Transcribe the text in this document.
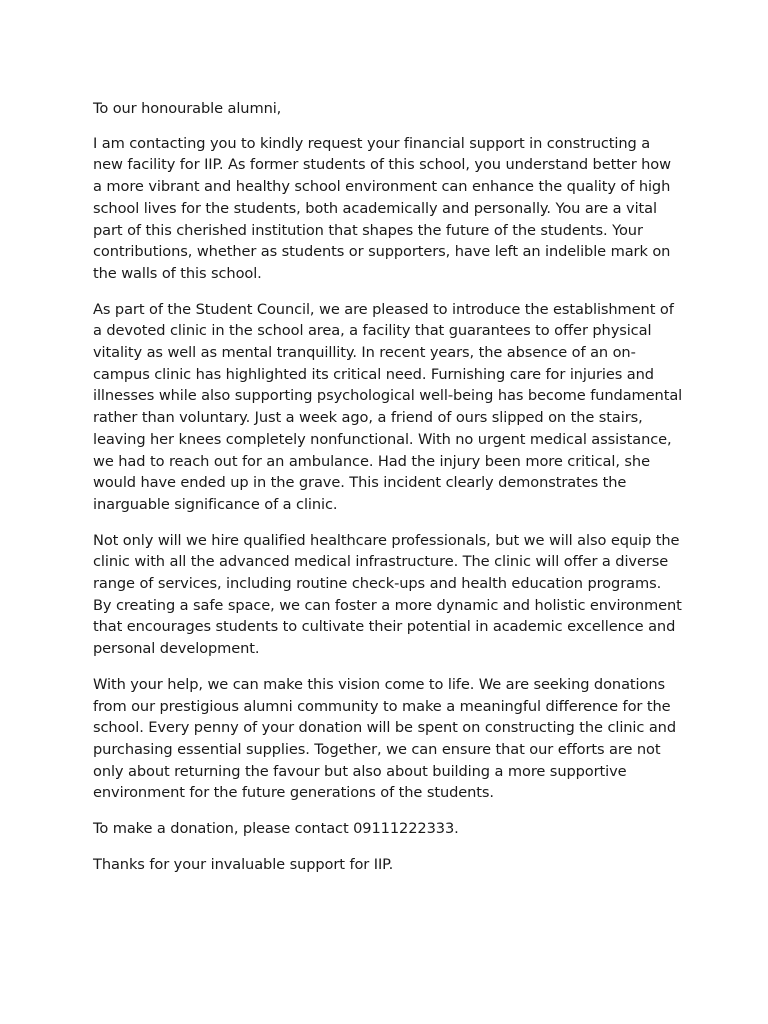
To our honourable alumni,

I am contacting you to kindly request your financial support in constructing a new facility for IIP. As former students of this school, you understand better how a more vibrant and healthy school environment can enhance the quality of high school lives for the students, both academically and personally. You are a vital part of this cherished institution that shapes the future of the students. Your contributions, whether as students or supporters, have left an indelible mark on the walls of this school.

As part of the Student Council, we are pleased to introduce the establishment of a devoted clinic in the school area, a facility that guarantees to offer physical vitality as well as mental tranquillity. In recent years, the absence of an on-campus clinic has highlighted its critical need. Furnishing care for injuries and illnesses while also supporting psychological well-being has become fundamental rather than voluntary. Just a week ago, a friend of ours slipped on the stairs, leaving her knees completely nonfunctional. With no urgent medical assistance, we had to reach out for an ambulance. Had the injury been more critical, she would have ended up in the grave. This incident clearly demonstrates the inarguable significance of a clinic.

Not only will we hire qualified healthcare professionals, but we will also equip the clinic with all the advanced medical infrastructure. The clinic will offer a diverse range of services, including routine check-ups and health education programs. By creating a safe space, we can foster a more dynamic and holistic environment that encourages students to cultivate their potential in academic excellence and personal development.

With your help, we can make this vision come to life. We are seeking donations from our prestigious alumni community to make a meaningful difference for the school. Every penny of your donation will be spent on constructing the clinic and purchasing essential supplies. Together, we can ensure that our efforts are not only about returning the favour but also about building a more supportive environment for the future generations of the students.

To make a donation, please contact 09111222333.

Thanks for your invaluable support for IIP.
